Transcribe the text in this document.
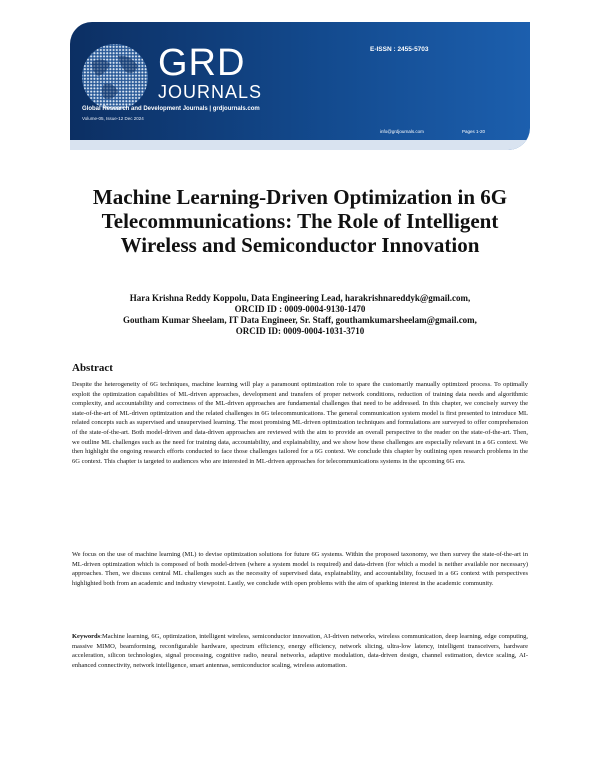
GRD
JOURNALS
Global Research and Development Journals | grdjournals.com
Volume-05, Issue-12 Dec 2024
E-ISSN : 2455-5703
info@grdjournals.com	Pages 1-20
Machine Learning-Driven Optimization in 6G Telecommunications: The Role of Intelligent Wireless and Semiconductor Innovation
Hara Krishna Reddy Koppolu, Data Engineering Lead, harakrishnareddyk@gmail.com,
ORCID ID : 0009-0004-9130-1470
Goutham Kumar Sheelam, IT Data Engineer, Sr. Staff, gouthamkumarsheelam@gmail.com,
ORCID ID: 0009-0004-1031-3710
Abstract

Despite the heterogeneity of 6G techniques, machine learning will play a paramount optimization role to spare the customarily manually optimized process. To optimally exploit the optimization capabilities of ML-driven approaches, development and transfers of proper network conditions, reduction of training data needs and algorithmic complexity, and accountability and correctness of the ML-driven approaches are fundamental challenges that need to be addressed. In this chapter, we concisely survey the state-of-the-art of ML-driven optimization and the related challenges in 6G telecommunications. The general communication system model is first presented to introduce ML related concepts such as supervised and unsupervised learning. The most promising ML-driven optimization techniques and formulations are surveyed to offer comprehension of the state-of-the-art. Both model-driven and data-driven approaches are reviewed with the aim to provide an overall perspective to the reader on the state-of-the-art. Then, we outline ML challenges such as the need for training data, accountability, and explainability, and we show how these challenges are especially relevant in a 6G context. We then highlight the ongoing research efforts conducted to face those challenges tailored for a 6G context. We conclude this chapter by outlining open research problems in the 6G context. This chapter is targeted to audiences who are interested in ML-driven approaches for telecommunications systems in the upcoming 6G era.

We focus on the use of machine learning (ML) to devise optimization solutions for future 6G systems. Within the proposed taxonomy, we then survey the state-of-the-art in ML-driven optimization which is composed of both model-driven (where a system model is required) and data-driven (for which a model is neither available nor necessary) approaches. Then, we discuss central ML challenges such as the necessity of supervised data, explainability, and accountability, focused in a 6G context with perspectives highlighted both from an academic and industry viewpoint. Lastly, we conclude with open problems with the aim of sparking interest in the academic community.

Keywords:Machine learning, 6G, optimization, intelligent wireless, semiconductor innovation, AI-driven networks, wireless communication, deep learning, edge computing, massive MIMO, beamforming, reconfigurable hardware, spectrum efficiency, energy efficiency, network slicing, ultra-low latency, intelligent transceivers, hardware acceleration, silicon technologies, signal processing, cognitive radio, neural networks, adaptive modulation, data-driven design, channel estimation, device scaling, AI-enhanced connectivity, network intelligence, smart antennas, semiconductor scaling, wireless automation.
